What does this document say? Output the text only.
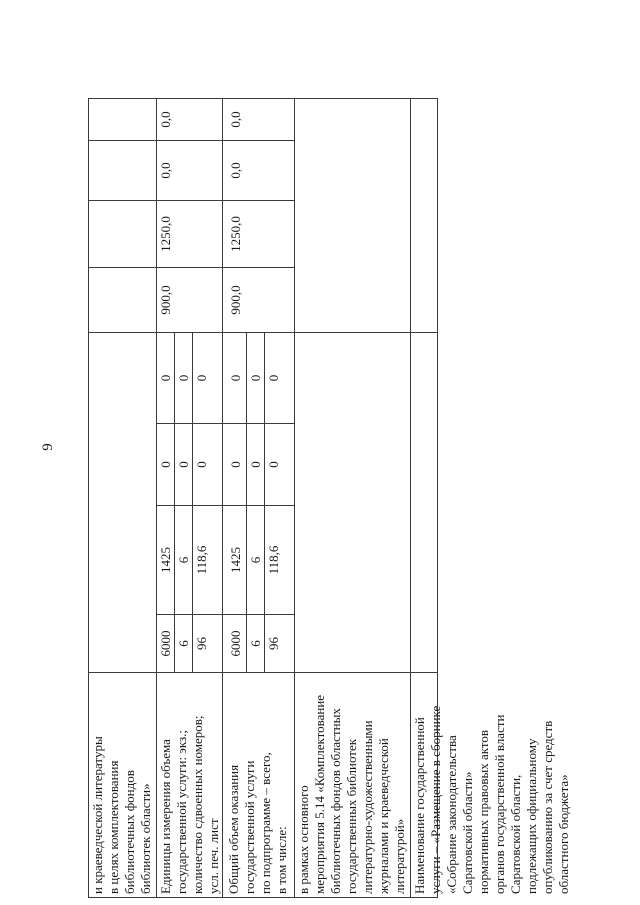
9
и краеведческой литературы в целях комплектования библиотечных фондов библиотек области» Единицы измерения объема государственной услуги: экз.; количество сдвоенных номеров; усл. печ. лист Общий объем оказания государственной услуги по подпрограмме – всего, в том числе: в рамках основного мероприятия 5.14 «Комплектование библиотечных фондов областных государственных библиотек литературно-художественными журналами и краеведческой литературой» Наименование государственной услуги – «Размещение в сборнике «Собрание законодательства Саратовской области» нормативных правовых актов органов государственной власти Саратовской области, подлежащих официальному опубликованию за счет средств областного бюджета»
6000 6 96
1425 6 118,6
0 0 0
0 0 0
900,0
1250,0
0,0
0,0
6000 6 96
1425 6 118,6
0 0 0
0 0 0
900,0
1250,0
0,0
0,0
